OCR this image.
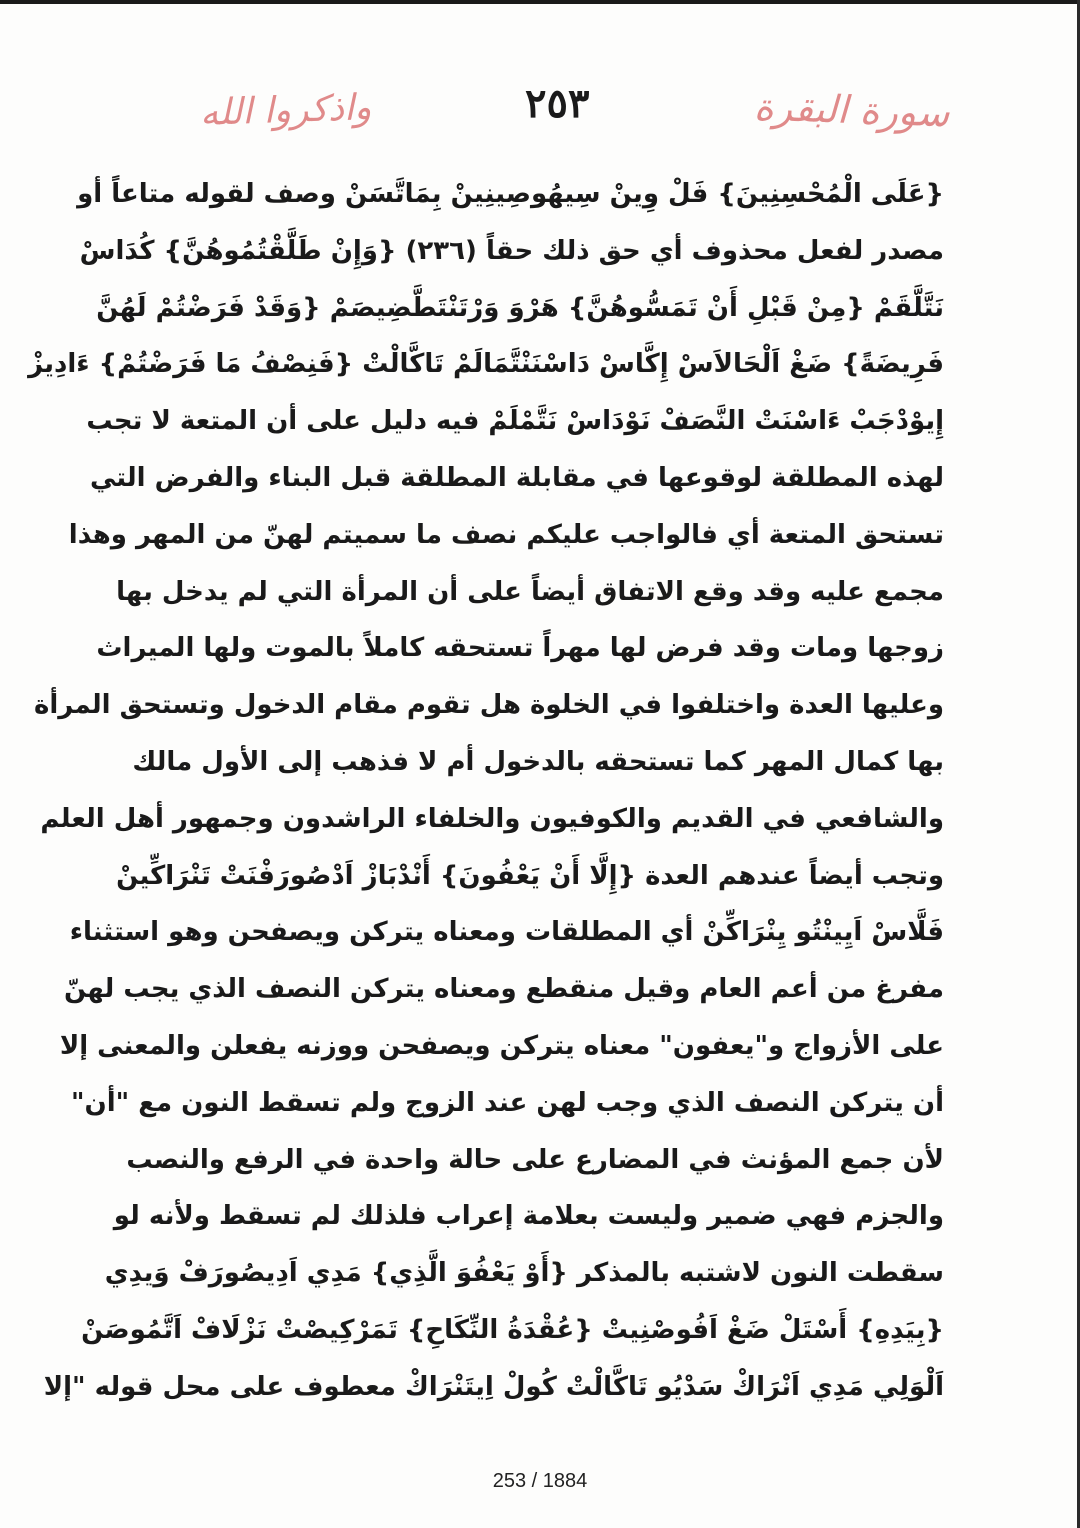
سورة البقرة
٢٥٣
واذكروا الله
{عَلَى الْمُحْسِنِينَ} فَلْ وِينْ سِيهُوصِينِينْ بِمَاتَّسَنْ وصف لقوله متاعاً أو
مصدر لفعل محذوف أي حق ذلك حقاً (٢٣٦) {وَإِنْ طَلَّقْتُمُوهُنَّ} كُدَاسْ
نَتَّلَّقَمْ {مِنْ قَبْلِ أَنْ تَمَسُّوهُنَّ} هَرْوَ وَرْتَنْتَطَّضِيصَمْ {وَقَدْ فَرَضْتُمْ لَهُنَّ
فَرِيضَةً} ضَغْ اَلْحَالاَسْ إِكَّاسْ دَاسْنَنْتَّمَالَمْ تَاكَّالْتْ {فَنِصْفُ مَا فَرَضْتُمْ} ءَادِيزْ
إِيوْدْجَبْ ءَاسْنَتْ النَّصَفْ نَوْدَاسْ نَتَّمْلَمْ فيه دليل على أن المتعة لا تجب
لهذه المطلقة لوقوعها في مقابلة المطلقة قبل البناء والفرض التي
تستحق المتعة أي فالواجب عليكم نصف ما سميتم لهنّ من المهر وهذا
مجمع عليه وقد وقع الاتفاق أيضاً على أن المرأة التي لم يدخل بها
زوجها ومات وقد فرض لها مهراً تستحقه كاملاً بالموت ولها الميراث
وعليها العدة واختلفوا في الخلوة هل تقوم مقام الدخول وتستحق المرأة
بها كمال المهر كما تستحقه بالدخول أم لا فذهب إلى الأول مالك
والشافعي في القديم والكوفيون والخلفاء الراشدون وجمهور أهل العلم
وتجب أيضاً عندهم العدة {إِلَّا أَنْ يَعْفُونَ} أَنْدْبَازْ اَدْصُورَفْنَتْ تَنْرَاكِّينْ
فَلَّاسْ اَيِينْتُو يِنْرَاكِّنْ أي المطلقات ومعناه يتركن ويصفحن وهو استثناء
مفرغ من أعم العام وقيل منقطع ومعناه يتركن النصف الذي يجب لهنّ
على الأزواج و"يعفون" معناه يتركن ويصفحن ووزنه يفعلن والمعنى إلا
أن يتركن النصف الذي وجب لهن عند الزوج ولم تسقط النون مع "أن"
لأن جمع المؤنث في المضارع على حالة واحدة في الرفع والنصب
والجزم فهي ضمير وليست بعلامة إعراب فلذلك لم تسقط ولأنه لو
سقطت النون لاشتبه بالمذكر {أَوْ يَعْفُوَ الَّذِي} مَدِي اَدِيصُورَفْ وَيدِي
{بِيَدِهِ} أَسْتَلْ ضَغْ اَفُوصْنِيتْ {عُقْدَةُ النِّكَاحِ} تَمَرْكِيصْتْ نَزْلَافْ اَتَّمُوصَنْ
اَلْوَلِي مَدِي اَنْرَاكْ سَدْيُو تَاكَّالْتْ كُولْ اِيتَنْرَاكْ معطوف على محل قوله "إلا
253 / 1884
